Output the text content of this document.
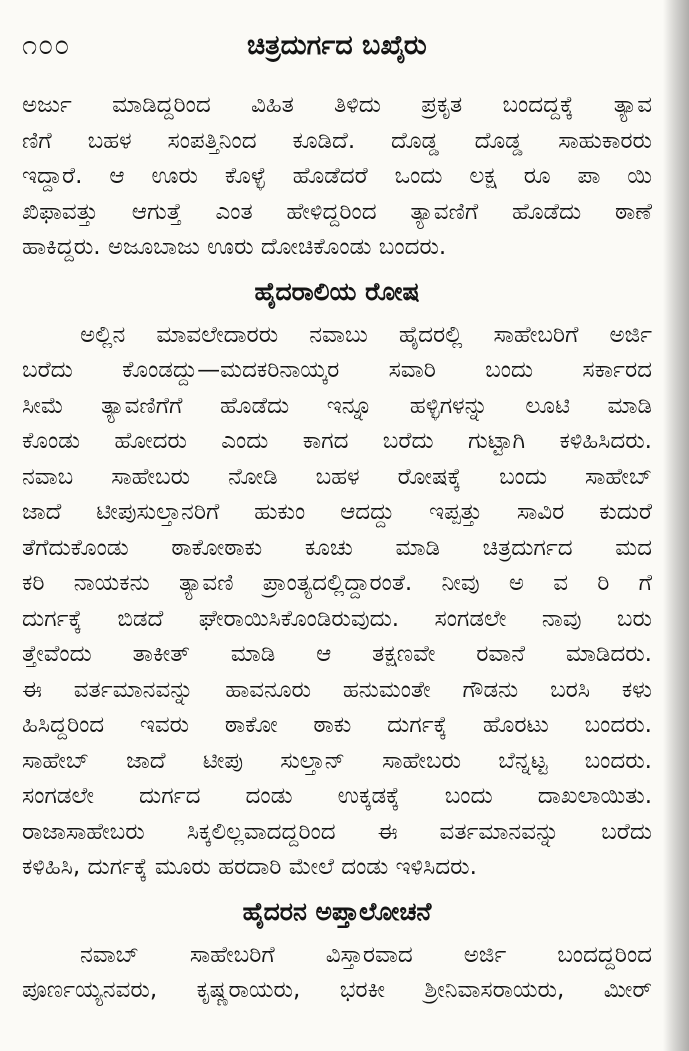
೧೦೦	ಚಿತ್ರದುರ್ಗದ ಬಖೈರು
ಅರ್ಜು ಮಾಡಿದ್ದರಿಂದ ವಿಹಿತ ತಿಳಿದು ಪ್ರಕೃತ ಬಂದದ್ದಕ್ಕೆ ತ್ಯಾವ
ಣಿಗೆ ಬಹಳ ಸಂಪತ್ತಿನಿಂದ ಕೂಡಿದೆ. ದೊಡ್ಡ ದೊಡ್ಡ ಸಾಹುಕಾರರು
ಇದ್ದಾರೆ. ಆ ಊರು ಕೊಳ್ಳೆ ಹೊಡೆದರೆ ಒಂದು ಲಕ್ಷ ರೂ ಪಾ ಯಿ
ಖಿಫಾವತ್ತು ಆಗುತ್ತೆ ಎಂತ ಹೇಳಿದ್ದರಿಂದ ತ್ಯಾವಣಿಗೆ ಹೊಡೆದು ಠಾಣೆ
ಹಾಕಿದ್ದರು. ಅಜೂಬಾಜು ಊರು ದೋಚಿಕೊಂಡು ಬಂದರು.
ಹೈದರಾಲಿಯ ರೋಷ
ಅಲ್ಲಿನ ಮಾವಲೇದಾರರು ನವಾಬು ಹೈದರಲ್ಲಿ ಸಾಹೇಬರಿಗೆ ಅರ್ಜಿ
ಬರೆದು ಕೊಂಡದ್ದು—ಮದಕರಿನಾಯ್ಕರ ಸವಾರಿ ಬಂದು ಸರ್ಕಾರದ
ಸೀಮೆ ತ್ಯಾವಣಿಗೆಗೆ ಹೊಡೆದು ಇನ್ನೂ ಹಳ್ಳಿಗಳನ್ನು ಲೂಟಿ ಮಾಡಿ
ಕೊಂಡು ಹೋದರು ಎಂದು ಕಾಗದ ಬರೆದು ಗುಟ್ಟಾಗಿ ಕಳಿಹಿಸಿದರು.
ನವಾಬ ಸಾಹೇಬರು ನೋಡಿ ಬಹಳ ರೋಷಕ್ಕೆ ಬಂದು ಸಾಹೇಬ್
ಜಾದೆ ಟೀಪುಸುಲ್ತಾನರಿಗೆ ಹುಕುಂ ಆದದ್ದು ಇಪ್ಪತ್ತು ಸಾವಿರ ಕುದುರೆ
ತೆಗೆದುಕೊಂಡು ಠಾಕೋಠಾಕು ಕೂಚು ಮಾಡಿ ಚಿತ್ರದುರ್ಗದ ಮದ
ಕರಿ ನಾಯಕನು ತ್ಯಾವಣಿ ಪ್ರಾಂತ್ಯದಲ್ಲಿದ್ದಾರಂತೆ. ನೀವು ಅ ವ ರಿ ಗೆ
ದುರ್ಗಕ್ಕೆ ಬಿಡದೆ ಘೇರಾಯಿಸಿಕೊಂಡಿರುವುದು. ಸಂಗಡಲೇ ನಾವು ಬರು
ತ್ತೇವೆಂದು ತಾಕೀತ್ ಮಾಡಿ ಆ ತಕ್ಷಣವೇ ರವಾನೆ ಮಾಡಿದರು.
ಈ ವರ್ತಮಾನವನ್ನು ಹಾವನೂರು ಹನುಮಂತೇ ಗೌಡನು ಬರಸಿ ಕಳು
ಹಿಸಿದ್ದರಿಂದ ಇವರು ಠಾಕೋ ಠಾಕು ದುರ್ಗಕ್ಕೆ ಹೊರಟು ಬಂದರು.
ಸಾಹೇಬ್ ಜಾದೆ ಟೀಪು ಸುಲ್ತಾನ್ ಸಾಹೇಬರು ಬೆನ್ನಟ್ಟ ಬಂದರು.
ಸಂಗಡಲೇ ದುರ್ಗದ ದಂಡು ಉಕ್ಕಡಕ್ಕೆ ಬಂದು ದಾಖಲಾಯಿತು.
ರಾಜಾಸಾಹೇಬರು ಸಿಕ್ಕಲಿಲ್ಲವಾದದ್ದರಿಂದ ಈ ವರ್ತಮಾನವನ್ನು ಬರೆದು
ಕಳಿಹಿಸಿ, ದುರ್ಗಕ್ಕೆ ಮೂರು ಹರದಾರಿ ಮೇಲೆ ದಂಡು ಇಳಿಸಿದರು.
ಹೈದರನ ಅಪ್ತಾಲೋಚನೆ
ನವಾಬ್ ಸಾಹೇಬರಿಗೆ ವಿಸ್ತಾರವಾದ ಅರ್ಜಿ ಬಂದದ್ದರಿಂದ
ಪೂರ್ಣಯ್ಯನವರು, ಕೃಷ್ಣರಾಯರು, ಭರಕೀ ಶ್ರೀನಿವಾಸರಾಯರು, ಮೀರ್
